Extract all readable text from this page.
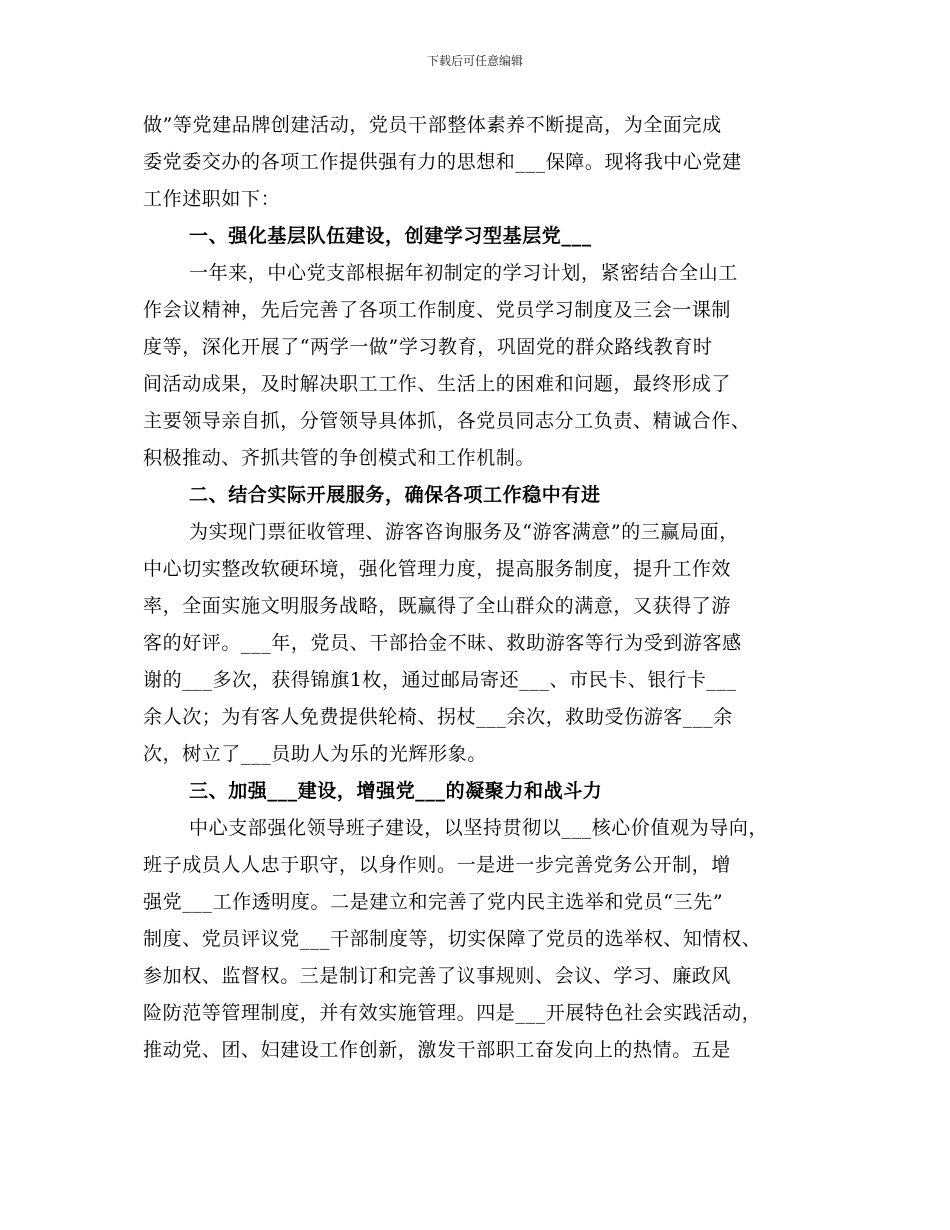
下载后可任意编辑
做”等党建品牌创建活动，党员干部整体素养不断提高，为全面完成
委党委交办的各项工作提供强有力的思想和___保障。现将我中心党建
工作述职如下：
一、强化基层队伍建设，创建学习型基层党___
一年来，中心党支部根据年初制定的学习计划，紧密结合全山工
作会议精神，先后完善了各项工作制度、党员学习制度及三会一课制
度等，深化开展了“两学一做”学习教育，巩固党的群众路线教育时
间活动成果，及时解决职工工作、生活上的困难和问题，最终形成了
主要领导亲自抓，分管领导具体抓，各党员同志分工负责、精诚合作、
积极推动、齐抓共管的争创模式和工作机制。
二、结合实际开展服务，确保各项工作稳中有进
为实现门票征收管理、游客咨询服务及“游客满意”的三赢局面，
中心切实整改软硬环境，强化管理力度，提高服务制度，提升工作效
率，全面实施文明服务战略，既赢得了全山群众的满意，又获得了游
客的好评。___年，党员、干部拾金不昧、救助游客等行为受到游客感
谢的___多次，获得锦旗1枚，通过邮局寄还___、市民卡、银行卡___
余人次；为有客人免费提供轮椅、拐杖___余次，救助受伤游客___余
次，树立了___员助人为乐的光辉形象。
三、加强___建设，增强党___的凝聚力和战斗力
中心支部强化领导班子建设，以坚持贯彻以___核心价值观为导向，
班子成员人人忠于职守，以身作则。一是进一步完善党务公开制，增
强党___工作透明度。二是建立和完善了党内民主选举和党员“三先”
制度、党员评议党___干部制度等，切实保障了党员的选举权、知情权、
参加权、监督权。三是制订和完善了议事规则、会议、学习、廉政风
险防范等管理制度，并有效实施管理。四是___开展特色社会实践活动，
推动党、团、妇建设工作创新，激发干部职工奋发向上的热情。五是
